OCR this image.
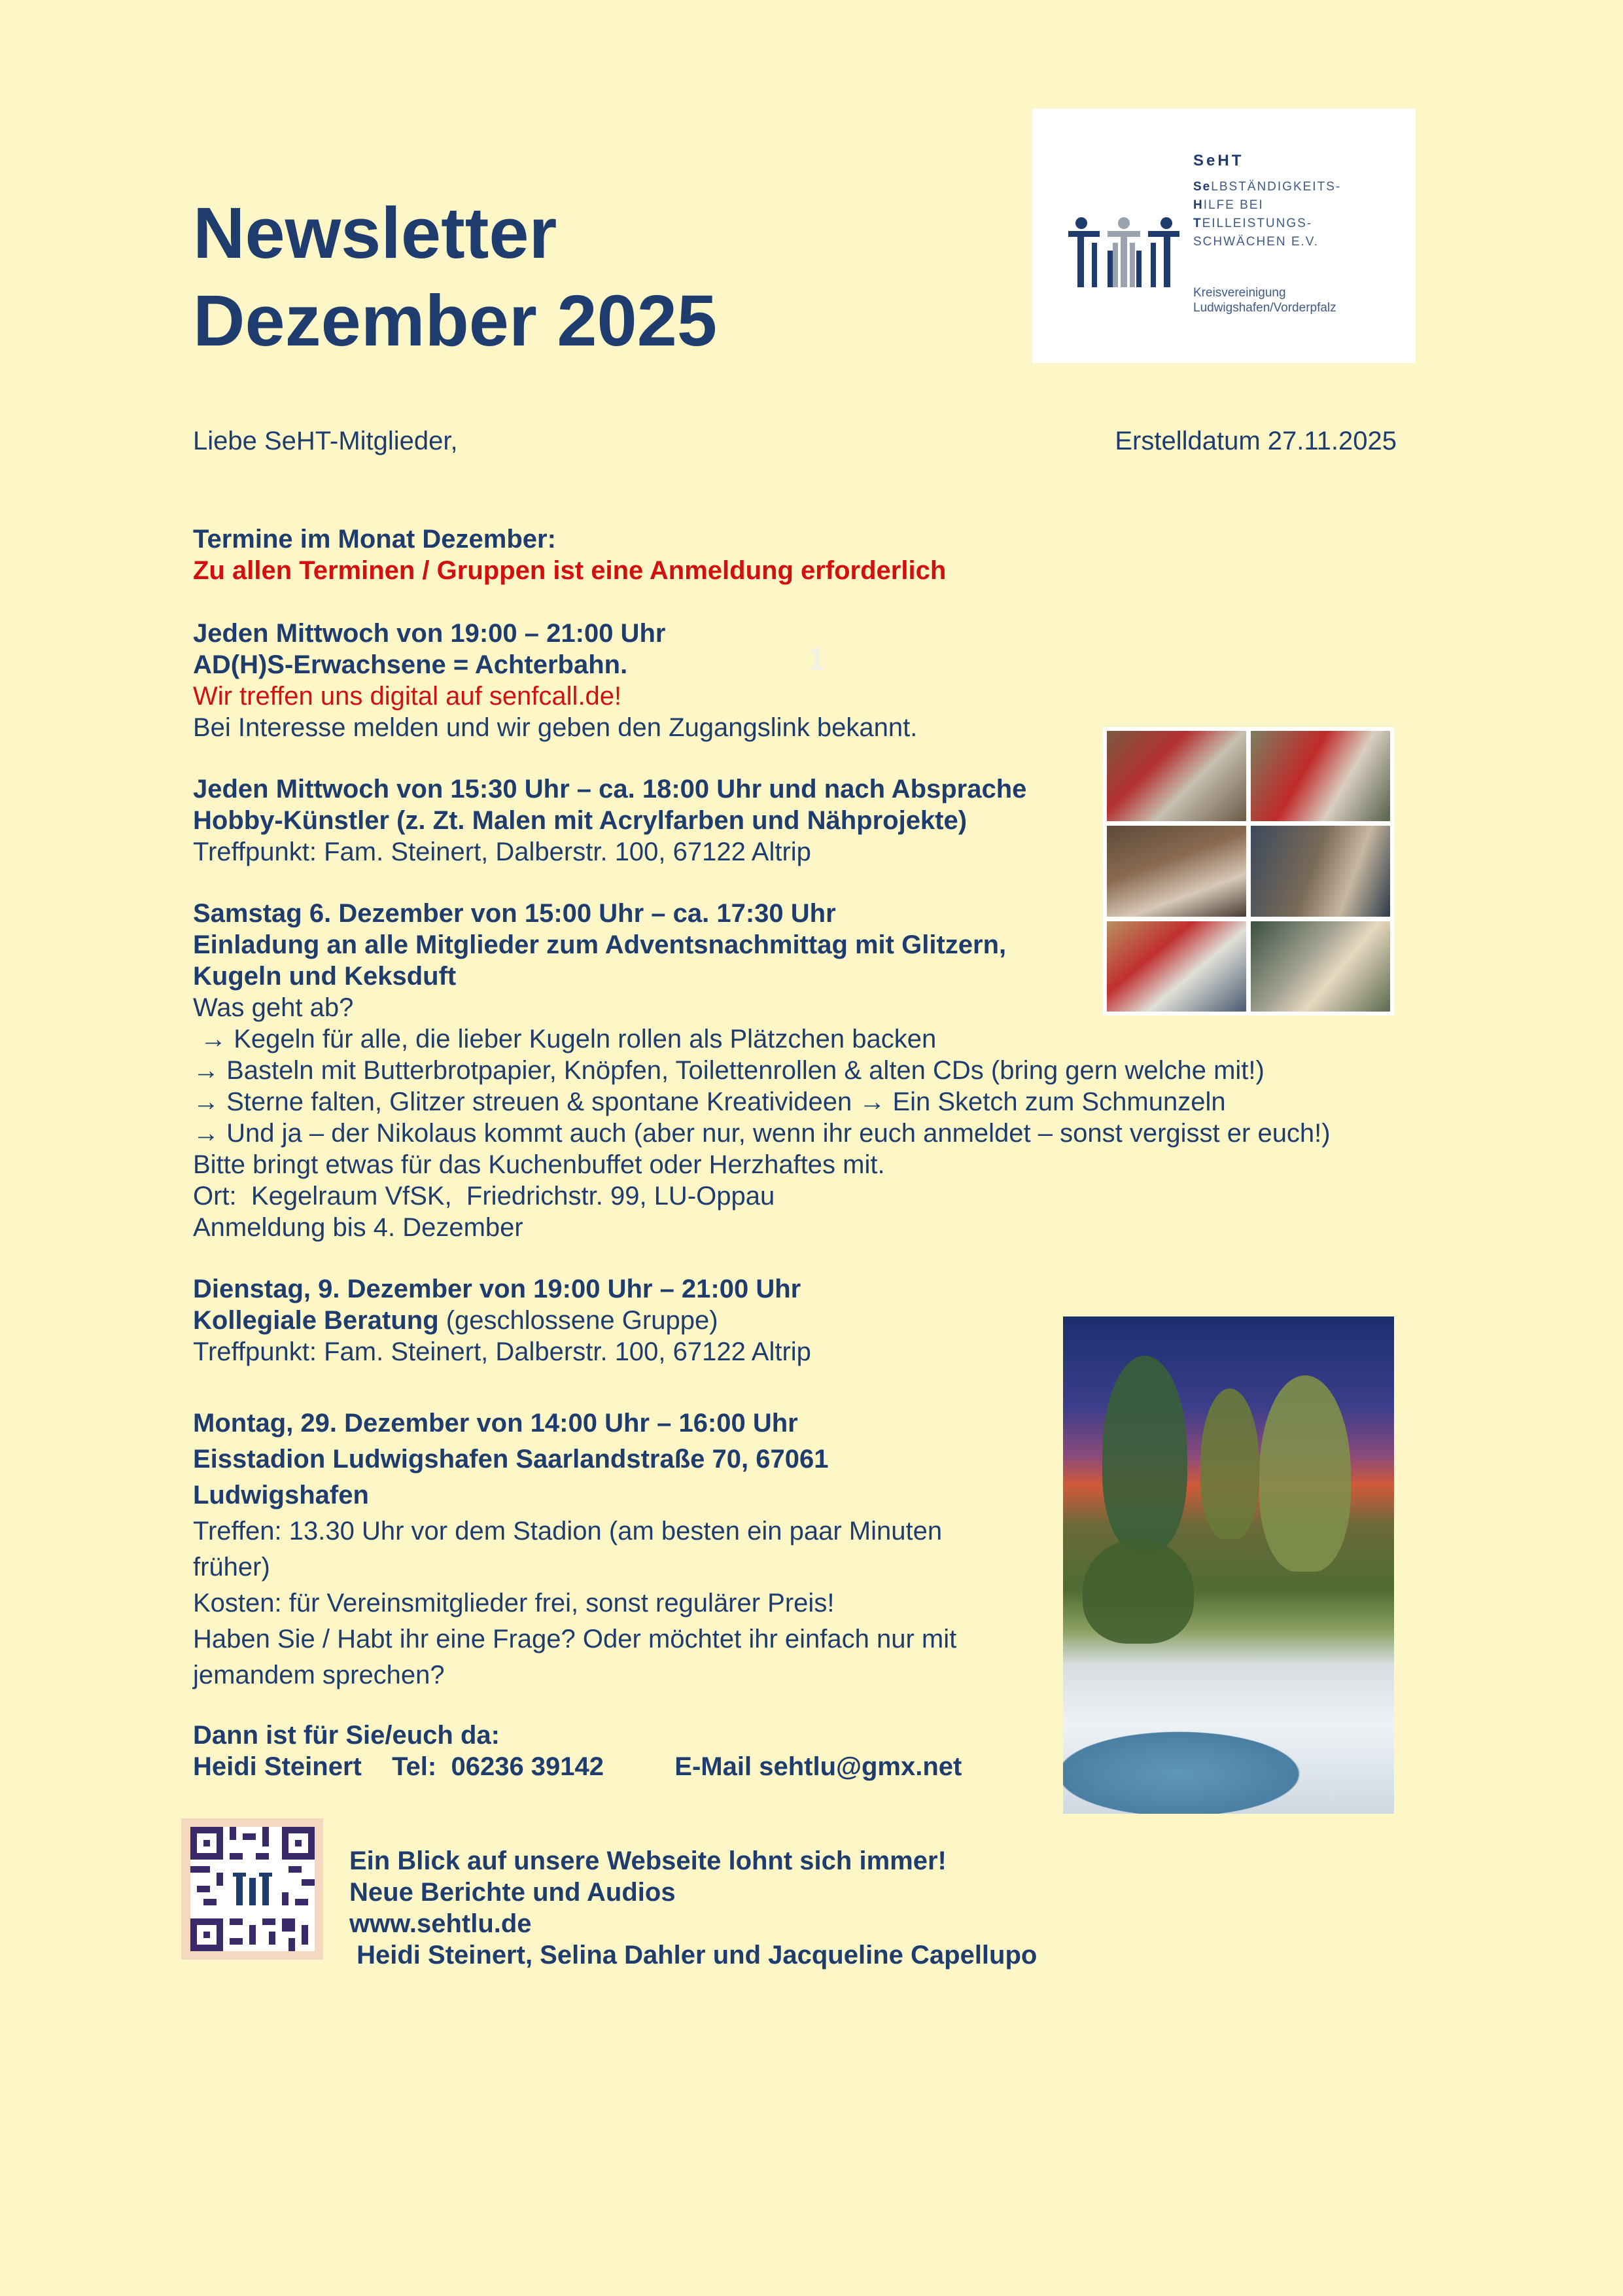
Newsletter
Dezember 2025
SeHT
SeLBSTÄNDIGKEITS-
HILFE BEI
TEILLEISTUNGS-
SCHWÄCHEN E.V.
Kreisvereinigung
Ludwigshafen/Vorderpfalz
Liebe SeHT-Mitglieder,	Erstelldatum 27.11.2025
Termine im Monat Dezember:
Zu allen Terminen / Gruppen ist eine Anmeldung erforderlich
1
Jeden Mittwoch von 19:00 – 21:00 Uhr
AD(H)S-Erwachsene = Achterbahn.
Wir treffen uns digital auf senfcall.de!
Bei Interesse melden und wir geben den Zugangslink bekannt.
Jeden Mittwoch von 15:30 Uhr – ca. 18:00 Uhr und nach Absprache
Hobby-Künstler (z. Zt. Malen mit Acrylfarben und Nähprojekte)
Treffpunkt: Fam. Steinert, Dalberstr. 100, 67122 Altrip
Samstag 6. Dezember von 15:00 Uhr – ca. 17:30 Uhr
Einladung an alle Mitglieder zum Adventsnachmittag mit Glitzern,
Kugeln und Keksduft
Was geht ab?
→ Kegeln für alle, die lieber Kugeln rollen als Plätzchen backen
→ Basteln mit Butterbrotpapier, Knöpfen, Toilettenrollen & alten CDs (bring gern welche mit!)
→ Sterne falten, Glitzer streuen & spontane Kreativideen → Ein Sketch zum Schmunzeln
→ Und ja – der Nikolaus kommt auch (aber nur, wenn ihr euch anmeldet – sonst vergisst er euch!)
Bitte bringt etwas für das Kuchenbuffet oder Herzhaftes mit.
Ort:  Kegelraum VfSK,  Friedrichstr. 99, LU-Oppau
Anmeldung bis 4. Dezember
Dienstag, 9. Dezember von 19:00 Uhr – 21:00 Uhr
Kollegiale Beratung (geschlossene Gruppe)
Treffpunkt: Fam. Steinert, Dalberstr. 100, 67122 Altrip
Montag, 29. Dezember von 14:00 Uhr – 16:00 Uhr
Eisstadion Ludwigshafen Saarlandstraße 70, 67061
Ludwigshafen
Treffen: 13.30 Uhr vor dem Stadion (am besten ein paar Minuten
früher)
Kosten: für Vereinsmitglieder frei, sonst regulärer Preis!
Haben Sie / Habt ihr eine Frage? Oder möchtet ihr einfach nur mit
jemandem sprechen?
Dann ist für Sie/euch da:
Heidi Steinert Tel:  06236 39142	E-Mail sehtlu@gmx.net
Ein Blick auf unsere Webseite lohnt sich immer!
Neue Berichte und Audios
www.sehtlu.de
Heidi Steinert, Selina Dahler und Jacqueline Capellupo
